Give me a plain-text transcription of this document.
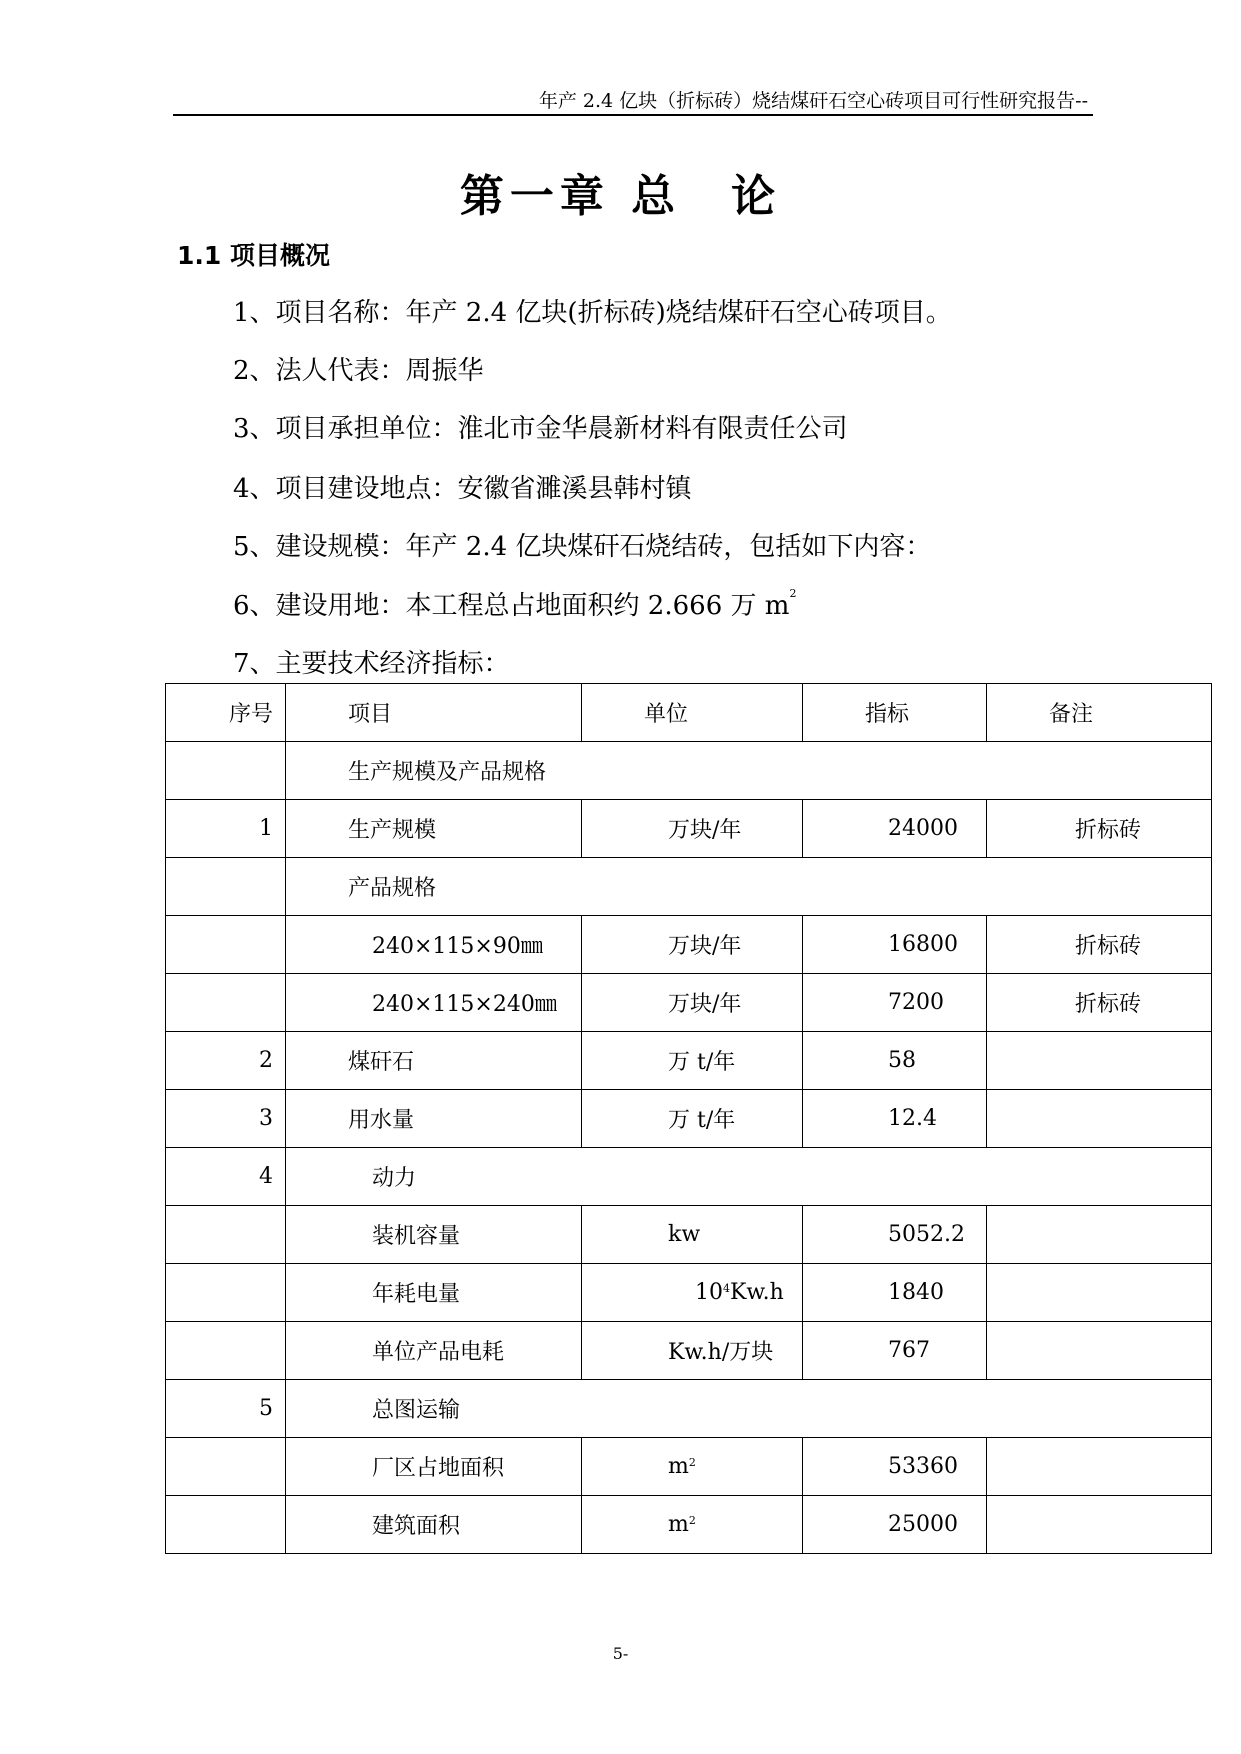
年产 2.4 亿块（折标砖）烧结煤矸石空心砖项目可行性研究报告--
第一章 总　论
1.1 项目概况
1、项目名称：年产 2.4 亿块(折标砖)烧结煤矸石空心砖项目。
2、法人代表：周振华
3、项目承担单位：淮北市金华晨新材料有限责任公司
4、项目建设地点：安徽省濉溪县韩村镇
5、建设规模：年产 2.4 亿块煤矸石烧结砖，包括如下内容：
6、建设用地：本工程总占地面积约 2.666 万 $m^2$
7、主要技术经济指标：
序号	项目	单位	指标	备注
	生产规模及产品规格			
1	生产规模	万块/年	24000	折标砖
	产品规格			
	240×115×90㎜	万块/年	16800	折标砖
	240×115×240㎜	万块/年	7200	折标砖
2	煤矸石	万 t/年	58	
3	用水量	万 t/年	12.4	
4	动力			
	装机容量	kw	5052.2	
	年耗电量	$10^4Kw.h$	1840	
	单位产品电耗	Kw.h/万块	767	
5	总图运输			
	厂区占地面积	$m^2$	53360	
	建筑面积	$m^2$	25000	
5-
